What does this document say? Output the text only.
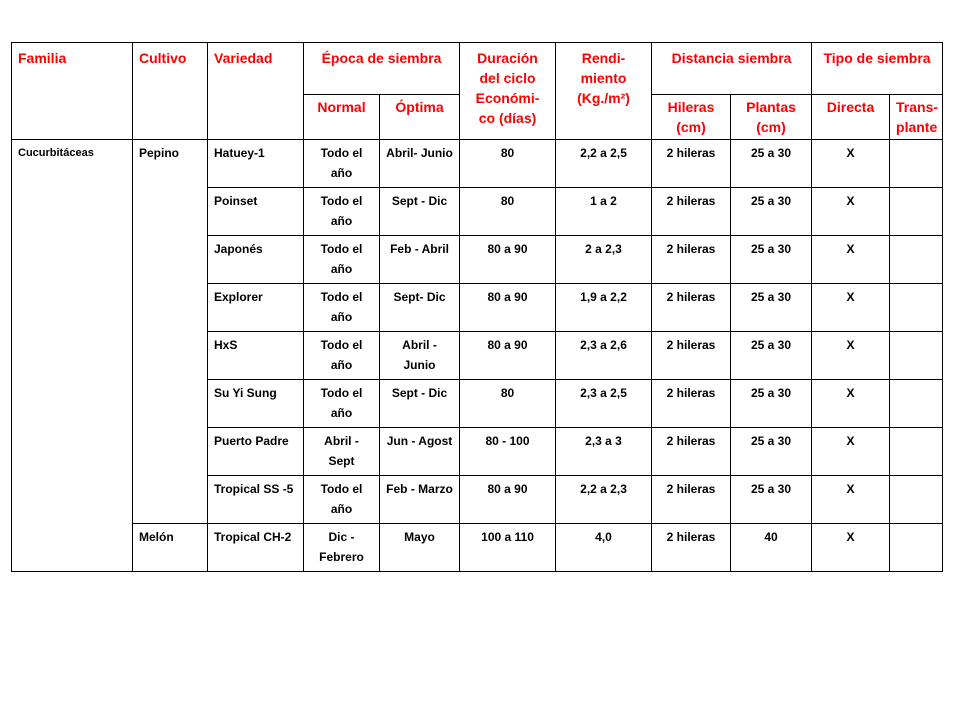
Familia	Cultivo	Variedad	Época de siembra		Duración del ciclo Económi- co (días)	Rendi- miento (Kg./m²)	Distancia siembra		Tipo de siembra	
			Normal	Óptima			Hileras (cm)	Plantas (cm)	Directa	Trans- plante
Cucurbitáceas	Pepino	Hatuey-1	Todo el año	Abril- Junio	80	2,2 a 2,5	2 hileras	25 a 30	X	
		Poinset	Todo el año	Sept - Dic	80	1 a 2	2 hileras	25 a 30	X	
		Japonés	Todo el año	Feb - Abril	80 a 90	2 a 2,3	2 hileras	25 a 30	X	
		Explorer	Todo el año	Sept- Dic	80 a 90	1,9 a 2,2	2 hileras	25 a 30	X	
		HxS	Todo el año	Abril - Junio	80 a 90	2,3 a 2,6	2 hileras	25 a 30	X	
		Su Yi Sung	Todo el año	Sept - Dic	80	2,3 a 2,5	2 hileras	25 a 30	X	
		Puerto Padre	Abril - Sept	Jun - Agost	80 - 100	2,3 a 3	2 hileras	25 a 30	X	
		Tropical SS -5	Todo el año	Feb - Marzo	80 a 90	2,2 a 2,3	2 hileras	25 a 30	X	
	Melón	Tropical CH-2	Dic - Febrero	Mayo	100 a 110	4,0	2 hileras	40	X	
